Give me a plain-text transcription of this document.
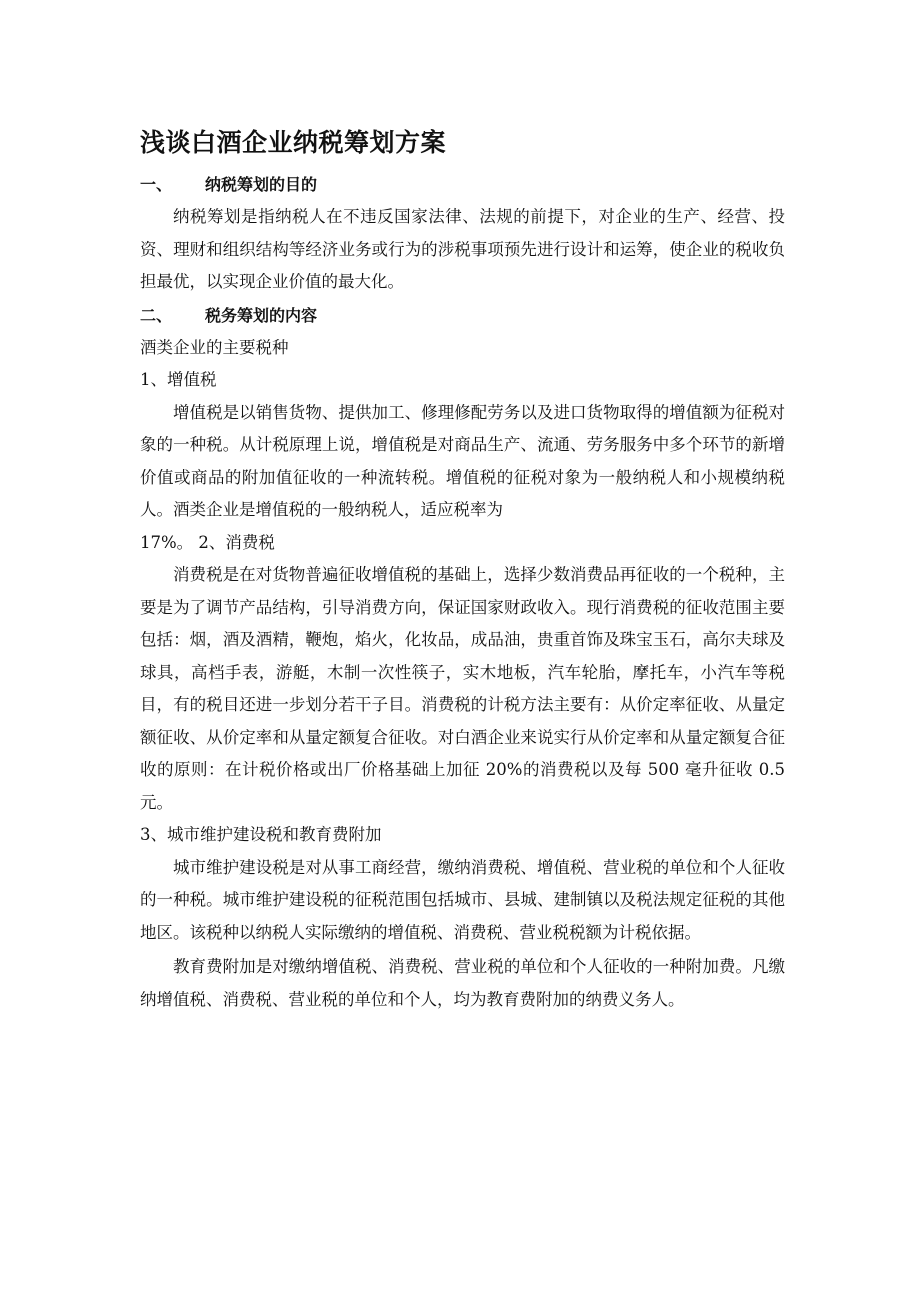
浅谈白酒企业纳税筹划方案
一、	纳税筹划的目的

纳税筹划是指纳税人在不违反国家法律、法规的前提下，对企业的生产、经营、投资、理财和组织结构等经济业务或行为的涉税事项预先进行设计和运筹，使企业的税收负担最优，以实现企业价值的最大化。

二、	税务筹划的内容

酒类企业的主要税种

1、增值税

增值税是以销售货物、提供加工、修理修配劳务以及进口货物取得的增值额为征税对象的一种税。从计税原理上说，增值税是对商品生产、流通、劳务服务中多个环节的新增价值或商品的附加值征收的一种流转税。增值税的征税对象为一般纳税人和小规模纳税人。酒类企业是增值税的一般纳税人，适应税率为

17%。 2、消费税

消费税是在对货物普遍征收增值税的基础上，选择少数消费品再征收的一个税种，主要是为了调节产品结构，引导消费方向，保证国家财政收入。现行消费税的征收范围主要包括：烟，酒及酒精，鞭炮，焰火，化妆品，成品油，贵重首饰及珠宝玉石，高尔夫球及球具，高档手表，游艇，木制一次性筷子，实木地板，汽车轮胎，摩托车，小汽车等税目，有的税目还进一步划分若干子目。消费税的计税方法主要有：从价定率征收、从量定额征收、从价定率和从量定额复合征收。对白酒企业来说实行从价定率和从量定额复合征收的原则：在计税价格或出厂价格基础上加征 20%的消费税以及每 500 毫升征收 0.5 元。

3、城市维护建设税和教育费附加

城市维护建设税是对从事工商经营，缴纳消费税、增值税、营业税的单位和个人征收的一种税。城市维护建设税的征税范围包括城市、县城、建制镇以及税法规定征税的其他地区。该税种以纳税人实际缴纳的增值税、消费税、营业税税额为计税依据。

教育费附加是对缴纳增值税、消费税、营业税的单位和个人征收的一种附加费。凡缴纳增值税、消费税、营业税的单位和个人，均为教育费附加的纳费义务人。
